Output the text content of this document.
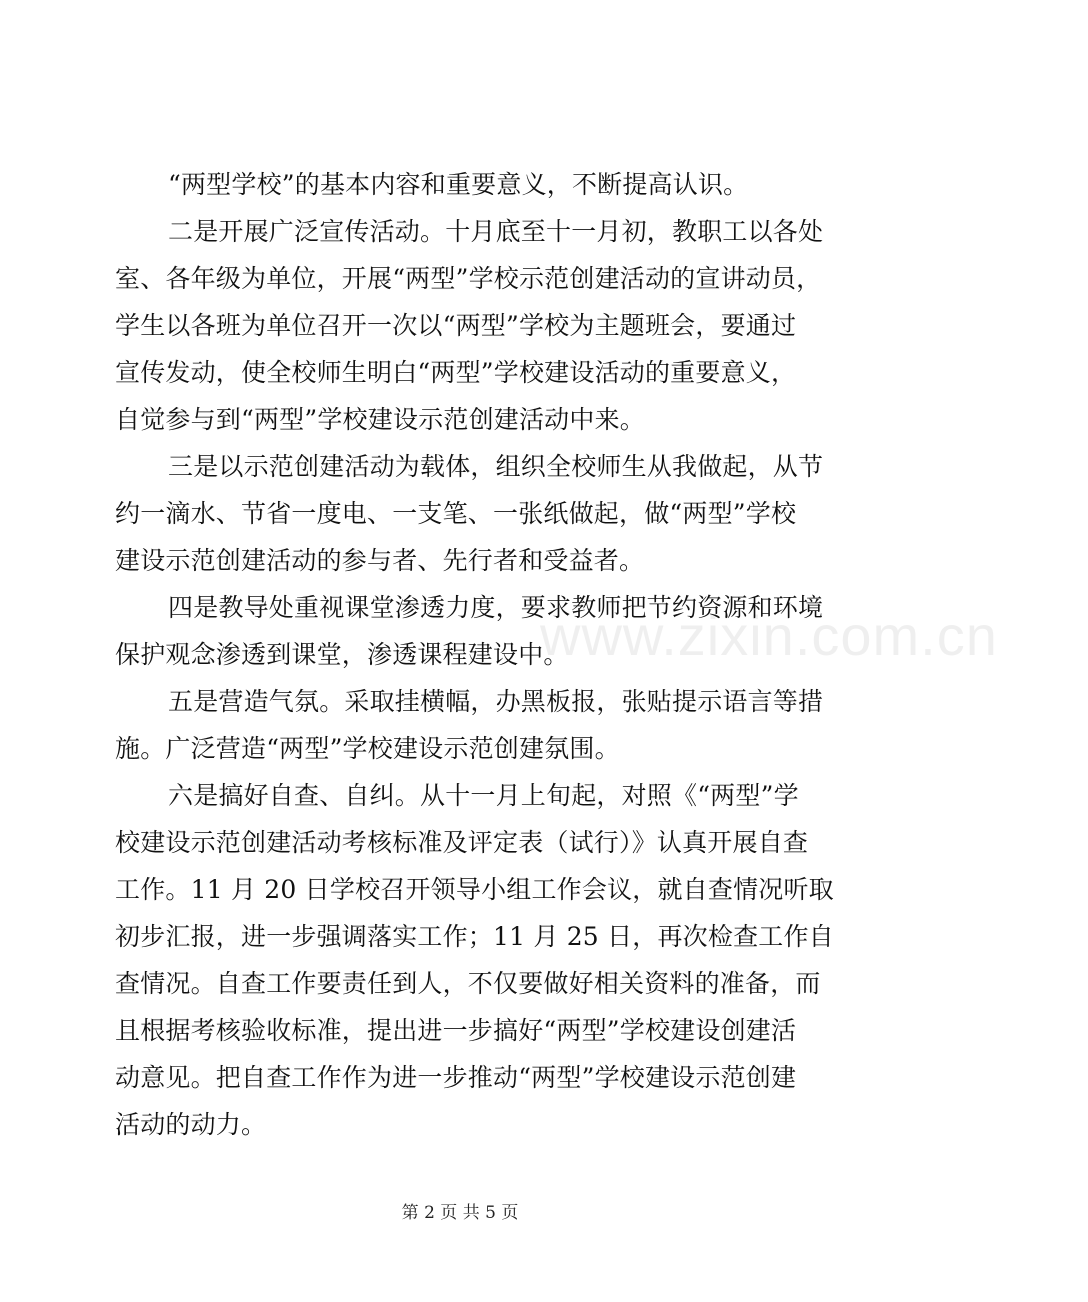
www.zixin.com.cn
“两型学校”的基本内容和重要意义，不断提高认识。
二是开展广泛宣传活动。十月底至十一月初，教职工以各处
室、各年级为单位，开展“两型”学校示范创建活动的宣讲动员，
学生以各班为单位召开一次以“两型”学校为主题班会，要通过
宣传发动，使全校师生明白“两型”学校建设活动的重要意义，
自觉参与到“两型”学校建设示范创建活动中来。
三是以示范创建活动为载体，组织全校师生从我做起，从节
约一滴水、节省一度电、一支笔、一张纸做起，做“两型”学校
建设示范创建活动的参与者、先行者和受益者。
四是教导处重视课堂渗透力度，要求教师把节约资源和环境
保护观念渗透到课堂，渗透课程建设中。
五是营造气氛。采取挂横幅，办黑板报，张贴提示语言等措
施。广泛营造“两型”学校建设示范创建氛围。
六是搞好自查、自纠。从十一月上旬起，对照《“两型”学
校建设示范创建活动考核标准及评定表（试行）》认真开展自查
工作。11 月 20 日学校召开领导小组工作会议，就自查情况听取
初步汇报，进一步强调落实工作；11 月 25 日，再次检查工作自
查情况。自查工作要责任到人，不仅要做好相关资料的准备，而
且根据考核验收标准，提出进一步搞好“两型”学校建设创建活
动意见。把自查工作作为进一步推动“两型”学校建设示范创建
活动的动力。
第 2 页 共 5 页
